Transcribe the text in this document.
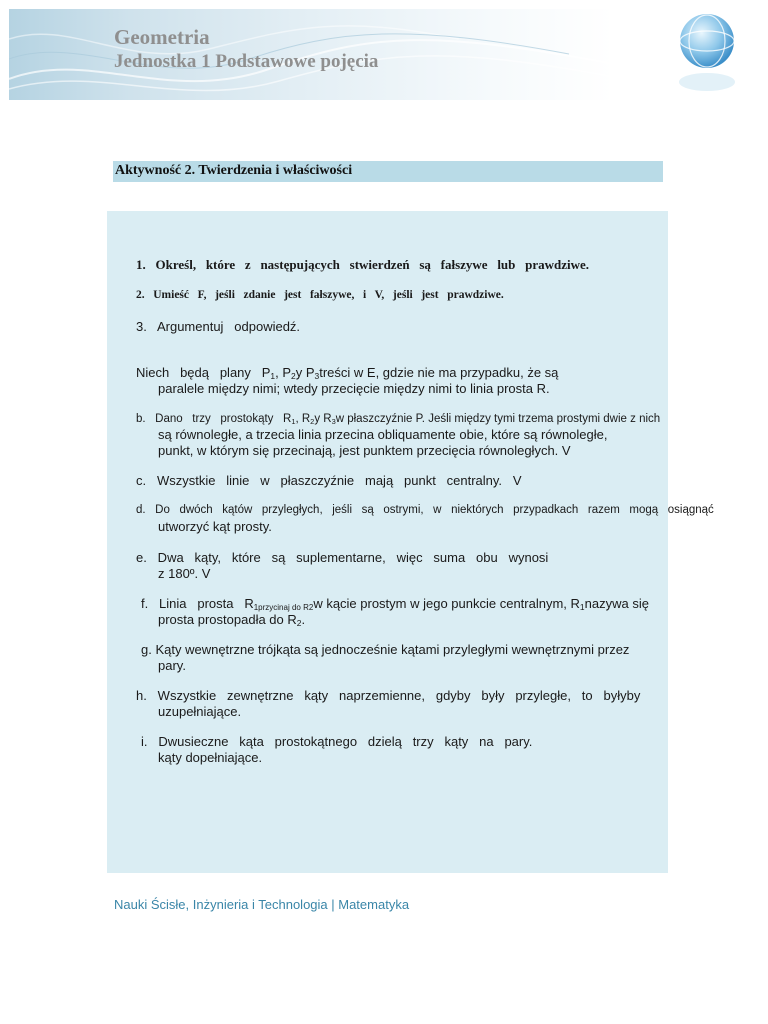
Geometria
Jednostka 1 Podstawowe pojęcia
Aktywność 2. Twierdzenia i właściwości
1.   Określ,   które   z   następujących   stwierdzeń   są   fałszywe   lub   prawdziwe.
2.   Umieść   F,   jeśli   zdanie   jest   fałszywe,   i   V,   jeśli   jest   prawdziwe.
3.   Argumentuj   odpowiedź.
Niech   będą   plany   $P_1$, $P_2y$ $P_3treści$ w E, gdzie nie ma przypadku, że są
paralele między nimi; wtedy przecięcie między nimi to linia prosta R.
b.   Dano   trzy   prostokąty   $R_1$, $R_2y$ $R_3w$ płaszczyźnie P. Jeśli między tymi trzema prostymi dwie z nich
są równoległe, a trzecia linia przecina obliquamente obie, które są równoległe,
punkt, w którym się przecinają, jest punktem przecięcia równoległych. V
c.   Wszystkie   linie   w   płaszczyźnie   mają   punkt   centralny.   V
d.   Do   dwóch   kątów   przyległych,   jeśli   są   ostrymi,   w   niektórych   przypadkach   razem   mogą   osiągnąć
utworzyć kąt prosty.
e.   Dwa   kąty,   które   są   suplementarne,   więc   suma   obu   wynosi
z 180º. V
f.   Linia   prosta   $R_{1przycinaj do R2}w$ kącie prostym w jego punkcie centralnym, $R_1nazywa$ się
prosta prostopadła do $R_2$.
g. Kąty wewnętrzne trójkąta są jednocześnie kątami przyległymi wewnętrznymi przez
pary.
h.   Wszystkie   zewnętrzne   kąty   naprzemienne,   gdyby   były   przyległe,   to   byłyby
uzupełniające.
i.   Dwusieczne   kąta   prostokątnego   dzielą   trzy   kąty   na   pary.
kąty dopełniające.
Nauki Ścisłe, Inżynieria i Technologia | Matematyka
